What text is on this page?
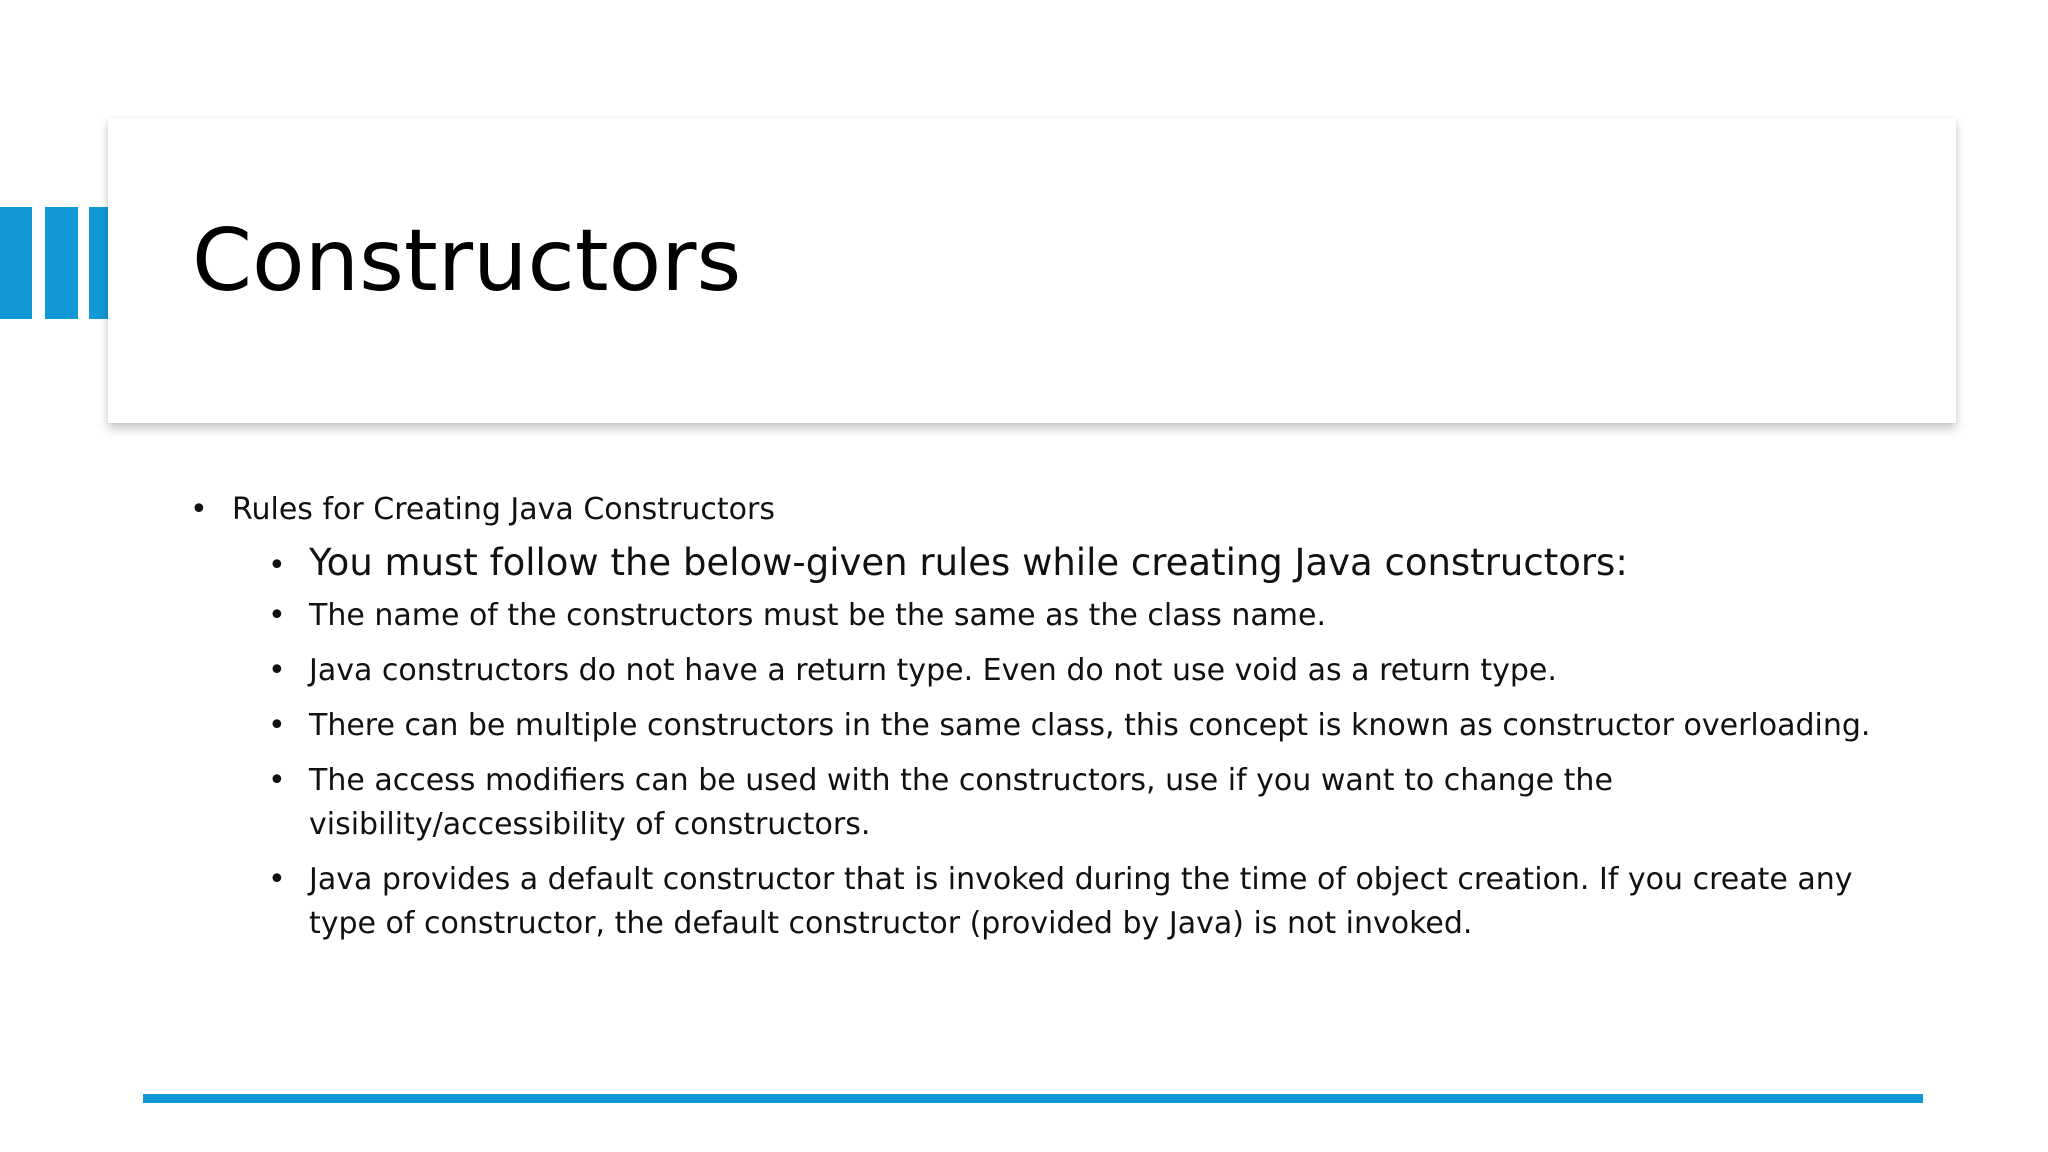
Constructors
• Rules for Creating Java Constructors
• You must follow the below-given rules while creating Java constructors:
• The name of the constructors must be the same as the class name.
• Java constructors do not have a return type. Even do not use void as a return type.
• There can be multiple constructors in the same class, this concept is known as constructor overloading.
• The access modifiers can be used with the constructors, use if you want to change the visibility/accessibility of constructors.
• Java provides a default constructor that is invoked during the time of object creation. If you create any type of constructor, the default constructor (provided by Java) is not invoked.
